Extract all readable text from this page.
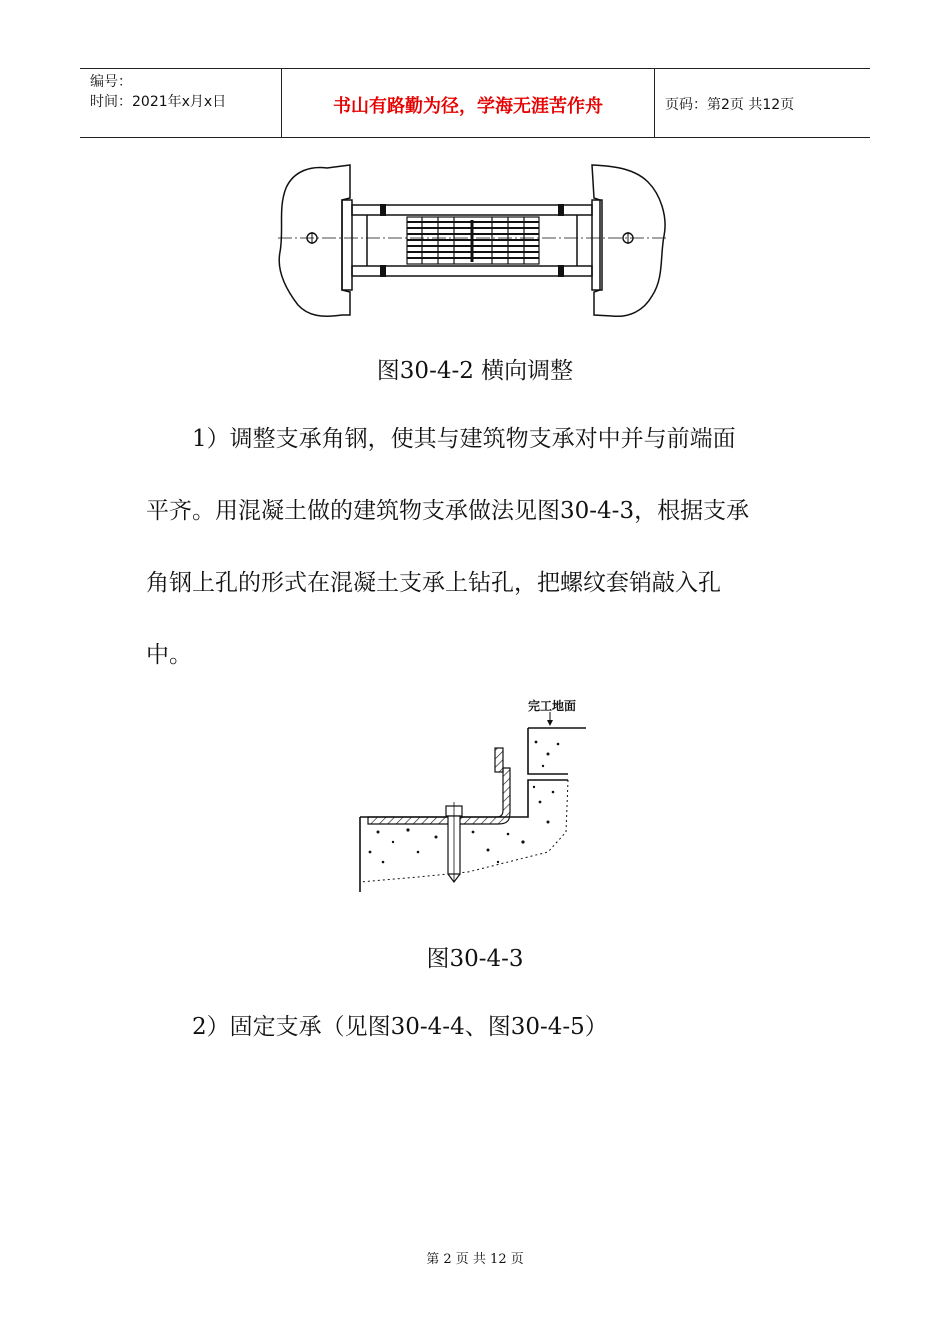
编号：
时间：2021年x月x日	书山有路勤为径，学海无涯苦作舟	页码：第2页 共12页
图30-4-2 横向调整
1）调整支承角钢，使其与建筑物支承对中并与前端面
平齐。用混凝土做的建筑物支承做法见图30-4-3，根据支承
角钢上孔的形式在混凝土支承上钻孔，把螺纹套销敲入孔
中。
完工地面
图30-4-3
2）固定支承（见图30-4-4、图30-4-5）
第 2 页 共 12 页
